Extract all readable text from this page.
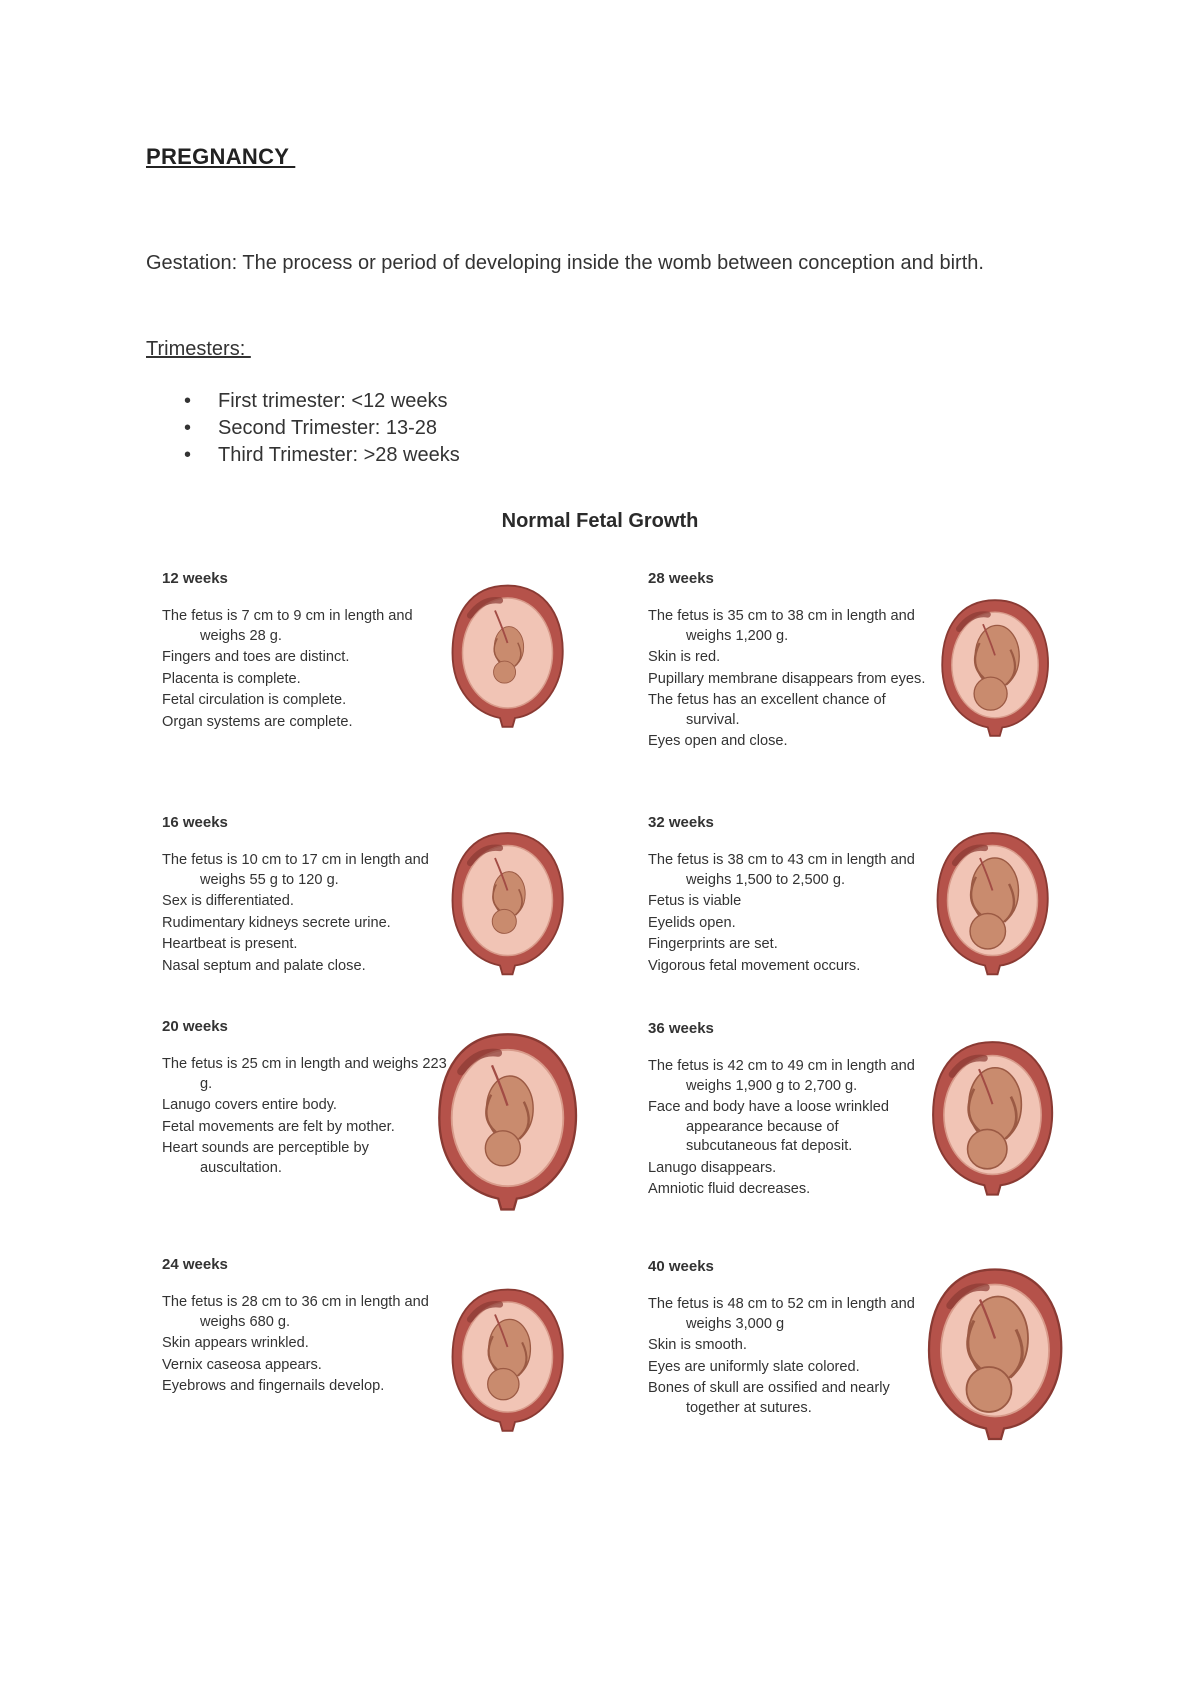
PREGNANCY
Gestation: The process or period of developing inside the womb between conception and birth.
Trimesters:
• First trimester: <12 weeks
• Second Trimester: 13-28
• Third Trimester: >28 weeks
Normal Fetal Growth
12 weeks
The fetus is 7 cm to 9 cm in length and weighs 28 g.
Fingers and toes are distinct.
Placenta is complete.
Fetal circulation is complete.
Organ systems are complete.
28 weeks
The fetus is 35 cm to 38 cm in length and weighs 1,200 g.
Skin is red.
Pupillary membrane disappears from eyes.
The fetus has an excellent chance of survival.
Eyes open and close.
16 weeks
The fetus is 10 cm to 17 cm in length and weighs 55 g to 120 g.
Sex is differentiated.
Rudimentary kidneys secrete urine.
Heartbeat is present.
Nasal septum and palate close.
32 weeks
The fetus is 38 cm to 43 cm in length and weighs 1,500 to 2,500 g.
Fetus is viable
Eyelids open.
Fingerprints are set.
Vigorous fetal movement occurs.
20 weeks
The fetus is 25 cm in length and weighs 223 g.
Lanugo covers entire body.
Fetal movements are felt by mother.
Heart sounds are perceptible by auscultation.
36 weeks
The fetus is 42 cm to 49 cm in length and weighs 1,900 g to 2,700 g.
Face and body have a loose wrinkled appearance because of subcutaneous fat deposit.
Lanugo disappears.
Amniotic fluid decreases.
24 weeks
The fetus is 28 cm to 36 cm in length and weighs 680 g.
Skin appears wrinkled.
Vernix caseosa appears.
Eyebrows and fingernails develop.
40 weeks
The fetus is 48 cm to 52 cm in length and weighs 3,000 g
Skin is smooth.
Eyes are uniformly slate colored.
Bones of skull are ossified and nearly together at sutures.
